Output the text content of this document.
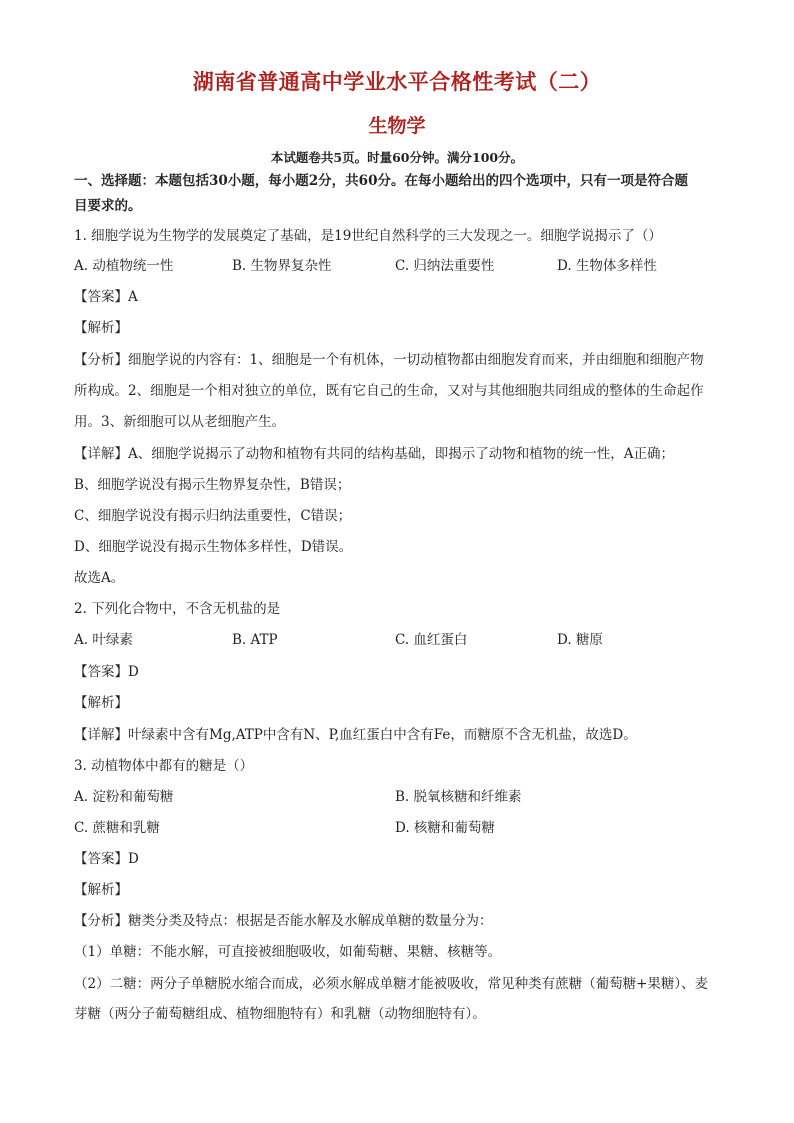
湖南省普通高中学业水平合格性考试（二）
生物学
本试题卷共5页。时量60分钟。满分100分。
一、选择题：本题包括30小题，每小题2分，共60分。在每小题给出的四个选项中，只有一项是符合题
目要求的。
1. 细胞学说为生物学的发展奠定了基础，是19世纪自然科学的三大发现之一。细胞学说揭示了（）
A. 动植物统一性	B. 生物界复杂性	C. 归纳法重要性	D. 生物体多样性
【答案】A
【解析】
【分析】细胞学说的内容有：1、细胞是一个有机体，一切动植物都由细胞发育而来，并由细胞和细胞产物
所构成。2、细胞是一个相对独立的单位，既有它自己的生命，又对与其他细胞共同组成的整体的生命起作
用。3、新细胞可以从老细胞产生。
【详解】A、细胞学说揭示了动物和植物有共同的结构基础，即揭示了动物和植物的统一性，A正确；
B、细胞学说没有揭示生物界复杂性，B错误；
C、细胞学说没有揭示归纳法重要性，C错误；
D、细胞学说没有揭示生物体多样性，D错误。
故选A。
2. 下列化合物中，不含无机盐的是
A. 叶绿素	B. ATP	C. 血红蛋白	D. 糖原
【答案】D
【解析】
【详解】叶绿素中含有Mg,ATP中含有N、P,血红蛋白中含有Fe，而糖原不含无机盐，故选D。
3. 动植物体中都有的糖是（）
A. 淀粉和葡萄糖	B. 脱氧核糖和纤维素
C. 蔗糖和乳糖	D. 核糖和葡萄糖
【答案】D
【解析】
【分析】糖类分类及特点：根据是否能水解及水解成单糖的数量分为：
（1）单糖：不能水解，可直接被细胞吸收，如葡萄糖、果糖、核糖等。
（2）二糖：两分子单糖脱水缩合而成，必须水解成单糖才能被吸收，常见种类有蔗糖（葡萄糖+果糖）、麦
芽糖（两分子葡萄糖组成、植物细胞特有）和乳糖（动物细胞特有）。
